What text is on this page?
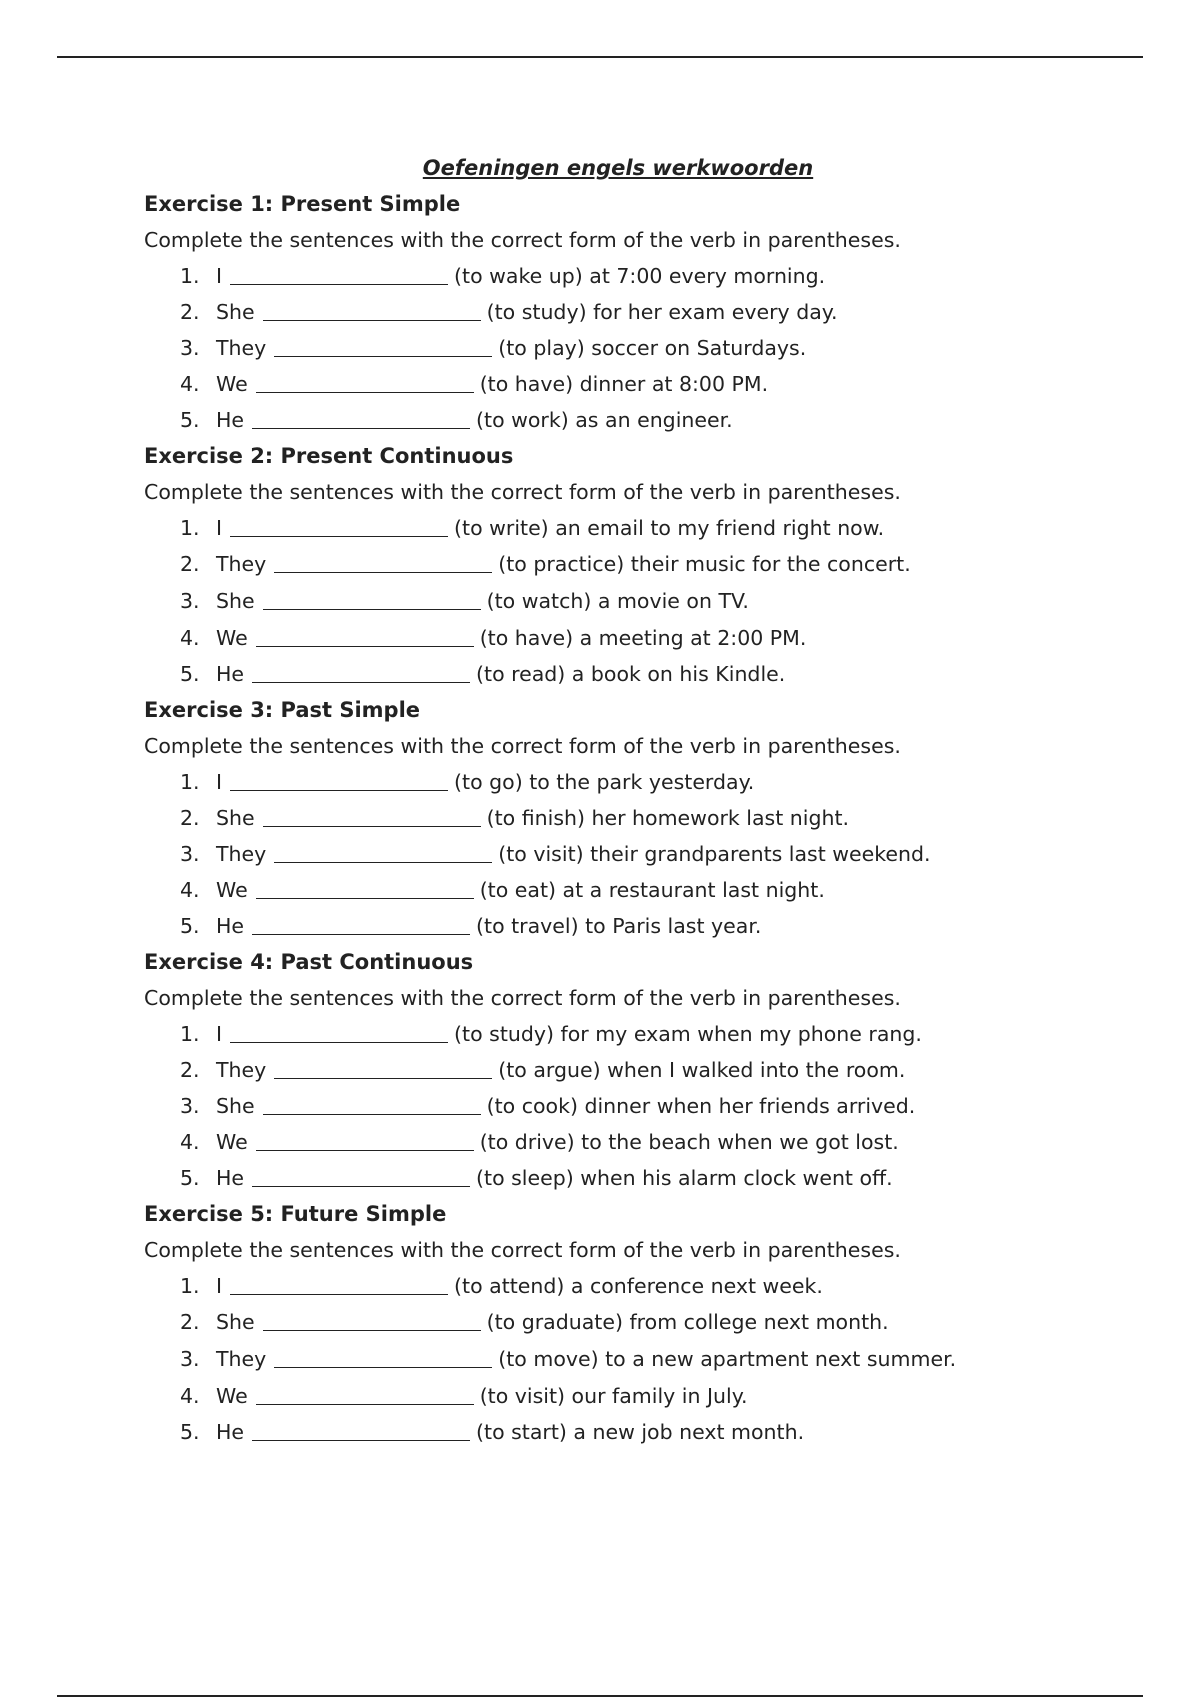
Oefeningen engels werkwoorden
Exercise 1: Present Simple
Complete the sentences with the correct form of the verb in parentheses.
1. I	(to wake up) at 7:00 every morning.
2. She	(to study) for her exam every day.
3. They	(to play) soccer on Saturdays.
4. We	(to have) dinner at 8:00 PM.
5. He	(to work) as an engineer.
Exercise 2: Present Continuous
Complete the sentences with the correct form of the verb in parentheses.
1. I	(to write) an email to my friend right now.
2. They	(to practice) their music for the concert.
3. She	(to watch) a movie on TV.
4. We	(to have) a meeting at 2:00 PM.
5. He	(to read) a book on his Kindle.
Exercise 3: Past Simple
Complete the sentences with the correct form of the verb in parentheses.
1. I	(to go) to the park yesterday.
2. She	(to finish) her homework last night.
3. They	(to visit) their grandparents last weekend.
4. We	(to eat) at a restaurant last night.
5. He	(to travel) to Paris last year.
Exercise 4: Past Continuous
Complete the sentences with the correct form of the verb in parentheses.
1. I	(to study) for my exam when my phone rang.
2. They	(to argue) when I walked into the room.
3. She	(to cook) dinner when her friends arrived.
4. We	(to drive) to the beach when we got lost.
5. He	(to sleep) when his alarm clock went off.
Exercise 5: Future Simple
Complete the sentences with the correct form of the verb in parentheses.
1. I	(to attend) a conference next week.
2. She	(to graduate) from college next month.
3. They	(to move) to a new apartment next summer.
4. We	(to visit) our family in July.
5. He	(to start) a new job next month.
